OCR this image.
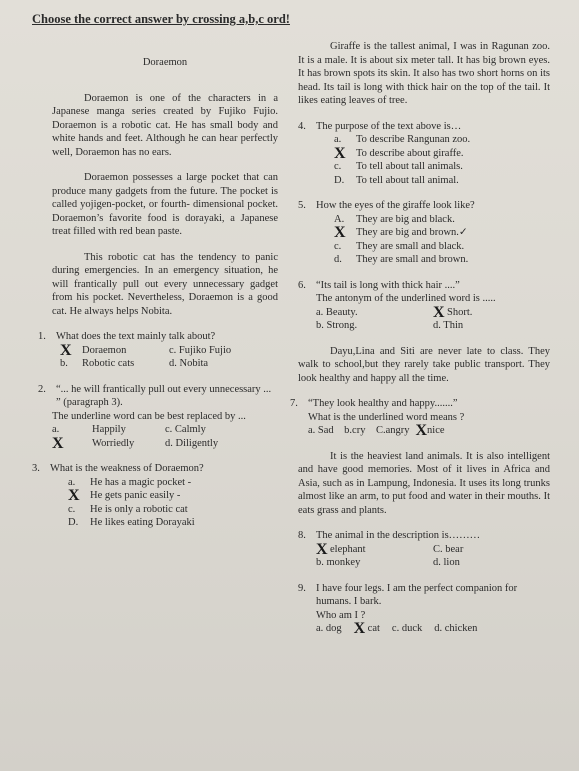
Choose the correct answer by crossing a,b,c ord!

Doraemon

Doraemon is one of the characters in a Japanese manga series created by Fujiko Fujio. Doraemon is a robotic cat. He has small body and white hands and feet. Although he can hear perfectly well, Doraemon has no ears.

Doraemon possesses a large pocket that can produce many gadgets from the future. The pocket is called yojigen-pocket, or fourth- dimensional pocket. Doraemon’s favorite food is dorayaki, a Japanese treat filled with red bean paste.

This robotic cat has the tendency to panic during emergencies. In an emergency situation, he will frantically pull out every unnecessary gadget from his pocket. Nevertheless, Doraemon is a good cat. He always helps Nobita.

1. What does the text mainly talk about?
X Doraemon	c. Fujiko Fujio
b.	Robotic cats	d. Nobita
2. “... he will frantically pull out every unnecessary ... ” (paragraph 3).
The underline word can be best replaced by ...
a.	Happily	c. Calmly
X	Worriedly	d. Diligently
3. What is the weakness of Doraemon?
a.	He has a magic pocket -
X He gets panic easily -
c.	He is only a robotic cat
D.	He likes eating Dorayaki

Giraffe is the tallest animal, I was in Ragunan zoo. It is a male. It is about six meter tall. It has big brown eyes. It has brown spots its skin. It also has two short horns on its head. Its tail is long with thick hair on the top of the tail. It likes eating leaves of tree.

4. The purpose of the text above is…
a.	To describe Rangunan zoo.
X To describe about giraffe.
c.	To tell about tall animals.
D.	To tell about tall animal.
5. How the eyes of the giraffe look like?
A.	They are big and black.
X They are big and brown.✓
c.	They are small and black.
d.	They are small and brown.
6. “Its tail is long with thick hair ....”
The antonym of the underlined word is .....
a. Beauty.	X Short.
b. Strong.	d. Thin

Dayu,Lina and Siti are never late to class. They walk to school,but they rarely take public transport. They look healthy and happy all the time.

7. “They look healthy and happy.......”
What is the underlined word means ?
a. Sad    b.cry    C.angry X nice

It is the heaviest land animals. It is also intelligent and have good memories. Most of it lives in Africa and Asia, such as in Lampung, Indonesia. It uses its long trunks almost like an arm, to put food and water in their mouths. It eats grass and plants.

8. The animal in the description is………
X elephant	C. bear
b. monkey	d. lion
9. I have four legs. I am the perfect companion for humans. I bark.
Who am I ?
a. dog X cat c. duck d. chicken
